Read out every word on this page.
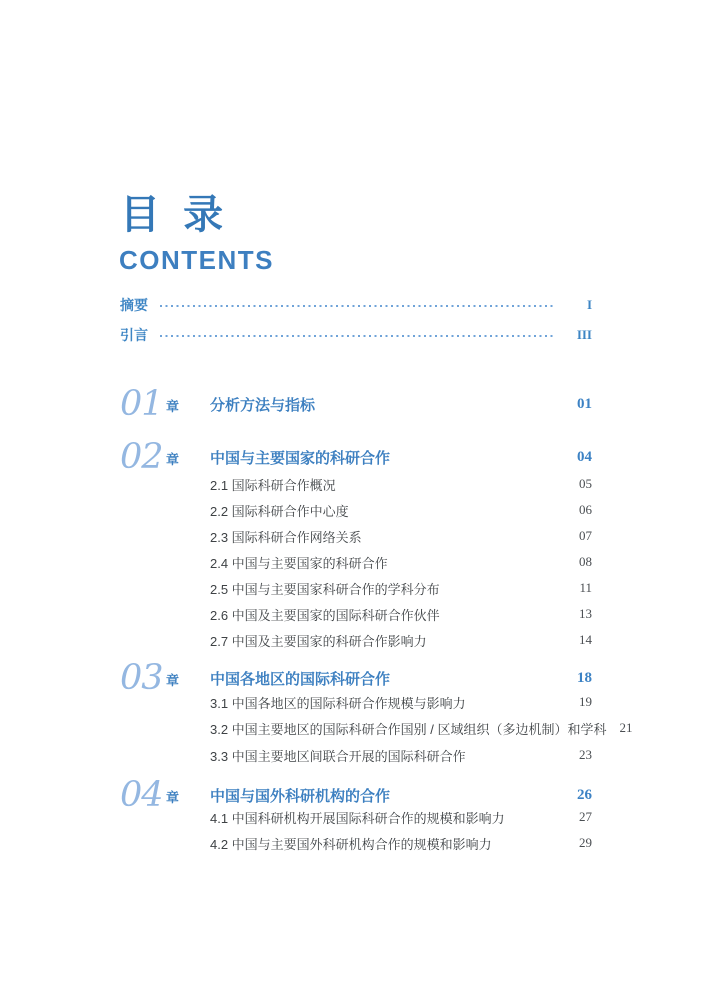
目 录
CONTENTS
摘要	I
引言	III
01 章	分析方法与指标	01
02 章	中国与主要国家的科研合作	04
2.1 国际科研合作概况	05
2.2 国际科研合作中心度	06
2.3 国际科研合作网络关系	07
2.4 中国与主要国家的科研合作	08
2.5 中国与主要国家科研合作的学科分布	11
2.6 中国及主要国家的国际科研合作伙伴	13
2.7 中国及主要国家的科研合作影响力	14
03 章	中国各地区的国际科研合作	18
3.1 中国各地区的国际科研合作规模与影响力	19
3.2 中国主要地区的国际科研合作国别 / 区域组织（多边机制）和学科	21
3.3 中国主要地区间联合开展的国际科研合作	23
04 章	中国与国外科研机构的合作	26
4.1 中国科研机构开展国际科研合作的规模和影响力	27
4.2 中国与主要国外科研机构合作的规模和影响力	29
